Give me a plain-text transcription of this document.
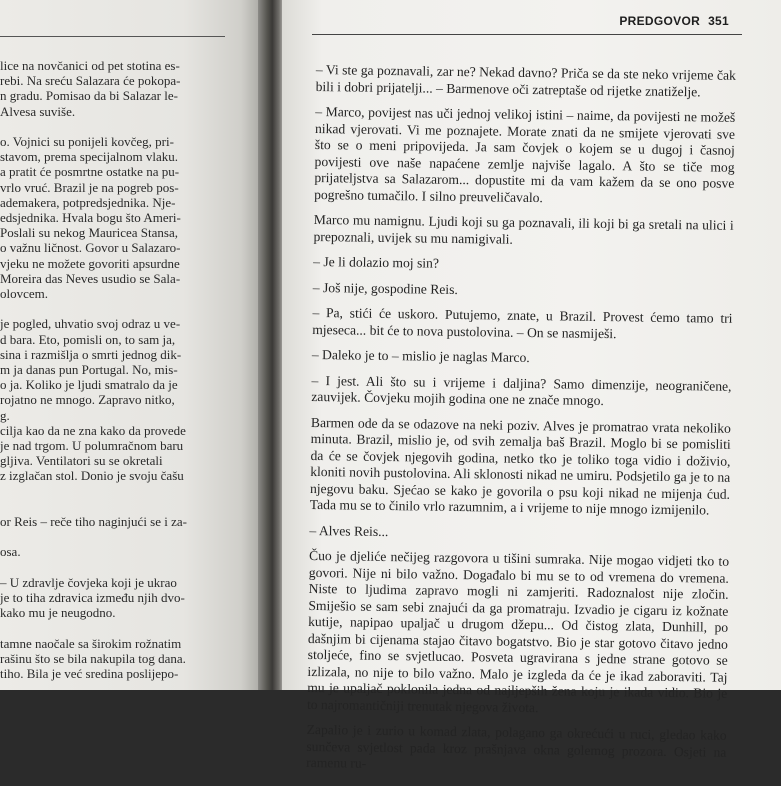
lice na novčanici od pet stotina es-
rebi. Na sreću Salazara će pokopa-
n gradu. Pomisao da bi Salazar le-
Alvesa suviše.
o. Vojnici su ponijeli kovčeg, pri-
stavom, prema specijalnom vlaku.
a pratit će posmrtne ostatke na pu-
vrlo vruć. Brazil je na pogreb pos-
ademakera, potpredsjednika. Nje-
edsjednika. Hvala bogu što Ameri-
Poslali su nekog Mauricea Stansa,
o važnu ličnost. Govor u Salazaro-
vjeku ne možete govoriti apsurdne
Moreira das Neves usudio se Sala-
olovcem.
je pogled, uhvatio svoj odraz u ve-
d bara. Eto, pomisli on, to sam ja,
sina i razmišlja o smrti jednog dik-
m ja danas pun Portugal. No, mis-
o ja. Koliko je ljudi smatralo da je
rojatno ne mnogo. Zapravo nitko,
g.
cilja kao da ne zna kako da provede
je nad trgom. U polumračnom baru
gljiva. Ventilatori su se okretali
z izglačan stol. Donio je svoju čašu
or Reis – reče tiho naginjući se i za-
osa.
– U zdravlje čovjeka koji je ukrao
je to tiha zdravica između njih dvo-
kako mu je neugodno.
tamne naočale sa širokim rožnatim
rašinu što se bila nakupila tog dana.
tiho. Bila je već sredina poslijepo-
PREDGOVOR 351

– Vi ste ga poznavali, zar ne? Nekad davno? Priča se da ste neko vrijeme čak bili i dobri prijatelji... – Barmenove oči zatreptaše od rijetke znatiželje.

– Marco, povijest nas uči jednoj velikoj istini – naime, da povijesti ne možeš nikad vjerovati. Vi me poznajete. Morate znati da ne smijete vjerovati sve što se o meni pripovijeda. Ja sam čovjek o kojem se u dugoj i časnoj povijesti ove naše napaćene zemlje najviše lagalo. A što se tiče mog prijateljstva sa Salazarom... dopustite mi da vam kažem da se ono posve pogrešno tumačilo. I silno preuveličavalo.

Marco mu namignu. Ljudi koji su ga poznavali, ili koji bi ga sretali na ulici i prepoznali, uvijek su mu namigivali.

– Je li dolazio moj sin?

– Još nije, gospodine Reis.

– Pa, stići će uskoro. Putujemo, znate, u Brazil. Provest ćemo tamo tri mjeseca... bit će to nova pustolovina. – On se nasmiješi.

– Daleko je to – mislio je naglas Marco.

– I jest. Ali što su i vrijeme i daljina? Samo dimenzije, neograničene, zauvijek. Čovjeku mojih godina one ne znače mnogo.

Barmen ode da se odazove na neki poziv. Alves je promatrao vrata nekoliko minuta. Brazil, mislio je, od svih zemalja baš Brazil. Moglo bi se pomisliti da će se čovjek njegovih godina, netko tko je toliko toga vidio i doživio, kloniti novih pustolovina. Ali sklonosti nikad ne umiru. Podsjetilo ga je to na njegovu baku. Sjećao se kako je govorila o psu koji nikad ne mijenja ćud. Tada mu se to činilo vrlo razumnim, a i vrijeme to nije mnogo izmijenilo.

– Alves Reis...

Čuo je djeliće nečijeg razgovora u tišini sumraka. Nije mogao vidjeti tko to govori. Nije ni bilo važno. Događalo bi mu se to od vremena do vremena. Niste to ljudima zapravo mogli ni zamjeriti. Radoznalost nije zločin. Smiješio se sam sebi znajući da ga promatraju. Izvadio je cigaru iz kožnate kutije, napipao upaljač u drugom džepu... Od čistog zlata, Dunhill, po dašnjim bi cijenama stajao čitavo bogatstvo. Bio je star gotovo čitavo jedno stoljeće, fino se svjetlucao. Posveta ugravirana s jedne strane gotovo se izlizala, no nije to bilo važno. Malo je izgleda da će je ikad zaboraviti. Taj mu je upaljač poklonila jedna od najljepših žena koju je ikada vidio. Bio je to najromantičniji trenutak njegova života.

Zapalio je i zurio u komad zlata, polagano ga okrećući u ruci, gledao kako sunčeva svjetlost pada kroz prašnjava okna golemog prozora. Osjeti na ramenu ru-
